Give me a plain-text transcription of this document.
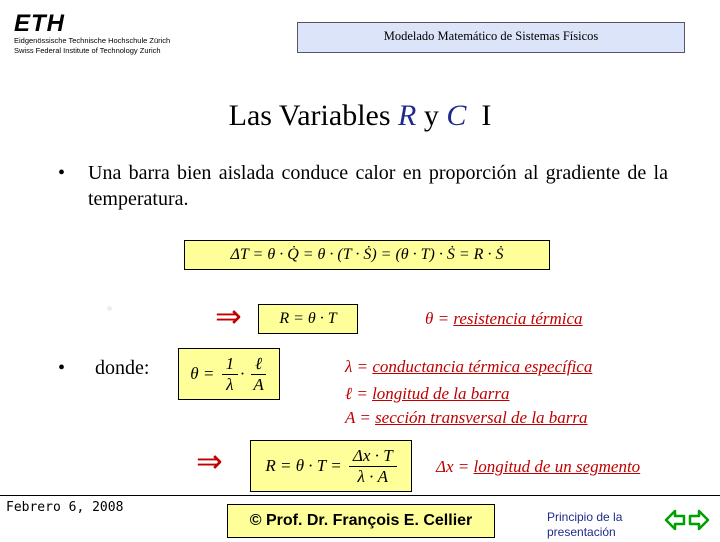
ETH
Eidgenössische Technische Hochschule Zürich
Swiss Federal Institute of Technology Zurich
Modelado Matemático de Sistemas Físicos
Las Variables R y C  I
• Una barra bien aislada conduce calor en proporción al gradiente de la temperatura.
ΔT = θ · Q̇ = θ · (T · Ṡ) = (θ · T) · Ṡ = R · Ṡ
⇒ R = θ · T	θ = resistencia térmica
• donde: $\theta = \frac{1}{\lambda} \cdot \frac{\text{ℓ}}{A}$	λ = conductancia térmica específica
ℓ = longitud de la barra
A = sección transversal de la barra
⇒	$R = \theta \cdot T = \frac{\Delta x \cdot T}{\lambda \cdot A}$ Δx = longitud de un segmento
Febrero 6, 2008
© Prof. Dr. François E. Cellier	Principio de la
presentación
